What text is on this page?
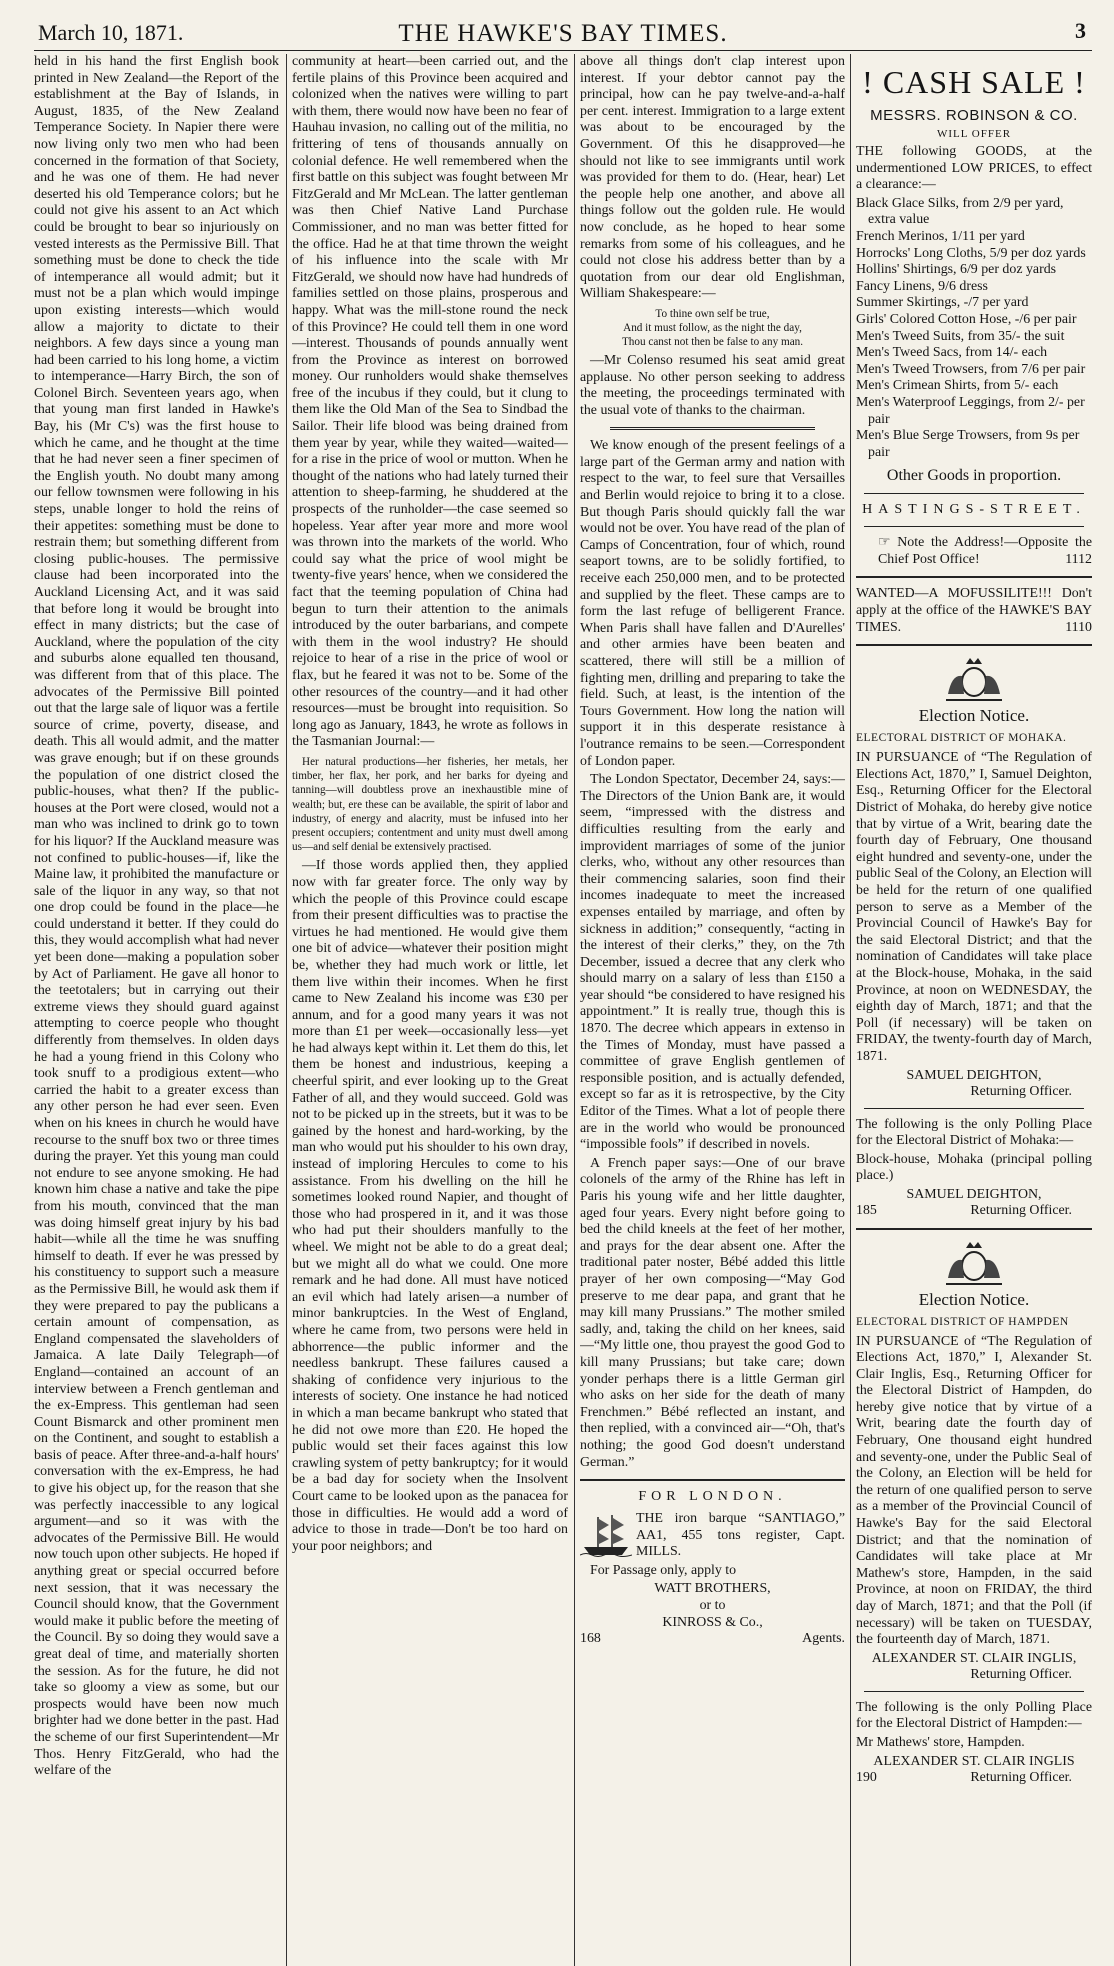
March 10, 1871.	THE HAWKE'S BAY TIMES.	3

held in his hand the first English book printed in New Zealand—the Report of the establishment at the Bay of Islands, in August, 1835, of the New Zealand Temperance Society. In Napier there were now living only two men who had been concerned in the formation of that Society, and he was one of them. He had never deserted his old Temperance colors; but he could not give his assent to an Act which could be brought to bear so injuriously on vested interests as the Permissive Bill. That something must be done to check the tide of intemperance all would admit; but it must not be a plan which would impinge upon existing interests—which would allow a majority to dictate to their neighbors. A few days since a young man had been carried to his long home, a victim to intemperance—Harry Birch, the son of Colonel Birch. Seventeen years ago, when that young man first landed in Hawke's Bay, his (Mr C's) was the first house to which he came, and he thought at the time that he had never seen a finer specimen of the English youth. No doubt many among our fellow townsmen were following in his steps, unable longer to hold the reins of their appetites: something must be done to restrain them; but something different from closing public-houses. The permissive clause had been incorporated into the Auckland Licensing Act, and it was said that before long it would be brought into effect in many districts; but the case of Auckland, where the population of the city and suburbs alone equalled ten thousand, was different from that of this place. The advocates of the Permissive Bill pointed out that the large sale of liquor was a fertile source of crime, poverty, disease, and death. This all would admit, and the matter was grave enough; but if on these grounds the population of one district closed the public-houses, what then? If the public-houses at the Port were closed, would not a man who was inclined to drink go to town for his liquor? If the Auckland measure was not confined to public-houses—if, like the Maine law, it prohibited the manufacture or sale of the liquor in any way, so that not one drop could be found in the place—he could understand it better. If they could do this, they would accomplish what had never yet been done—making a population sober by Act of Parliament. He gave all honor to the teetotalers; but in carrying out their extreme views they should guard against attempting to coerce people who thought differently from themselves. In olden days he had a young friend in this Colony who took snuff to a prodigious extent—who carried the habit to a greater excess than any other person he had ever seen. Even when on his knees in church he would have recourse to the snuff box two or three times during the prayer. Yet this young man could not endure to see anyone smoking. He had known him chase a native and take the pipe from his mouth, convinced that the man was doing himself great injury by his bad habit—while all the time he was snuffing himself to death. If ever he was pressed by his constituency to support such a measure as the Permissive Bill, he would ask them if they were prepared to pay the publicans a certain amount of compensation, as England compensated the slaveholders of Jamaica. A late Daily Telegraph—of England—contained an account of an interview between a French gentleman and the ex-Empress. This gentleman had seen Count Bismarck and other prominent men on the Continent, and sought to establish a basis of peace. After three-and-a-half hours' conversation with the ex-Empress, he had to give his object up, for the reason that she was perfectly inaccessible to any logical argument—and so it was with the advocates of the Permissive Bill. He would now touch upon other subjects. He hoped if anything great or special occurred before next session, that it was necessary the Council should know, that the Government would make it public before the meeting of the Council. By so doing they would save a great deal of time, and materially shorten the session. As for the future, he did not take so gloomy a view as some, but our prospects would have been now much brighter had we done better in the past. Had the scheme of our first Superintendent—Mr Thos. Henry FitzGerald, who had the welfare of the

community at heart—been carried out, and the fertile plains of this Province been acquired and colonized when the natives were willing to part with them, there would now have been no fear of Hauhau invasion, no calling out of the militia, no frittering of tens of thousands annually on colonial defence. He well remembered when the first battle on this subject was fought between Mr FitzGerald and Mr McLean. The latter gentleman was then Chief Native Land Purchase Commissioner, and no man was better fitted for the office. Had he at that time thrown the weight of his influence into the scale with Mr FitzGerald, we should now have had hundreds of families settled on those plains, prosperous and happy. What was the mill-stone round the neck of this Province? He could tell them in one word—interest. Thousands of pounds annually went from the Province as interest on borrowed money. Our runholders would shake themselves free of the incubus if they could, but it clung to them like the Old Man of the Sea to Sindbad the Sailor. Their life blood was being drained from them year by year, while they waited—waited—for a rise in the price of wool or mutton. When he thought of the nations who had lately turned their attention to sheep-farming, he shuddered at the prospects of the runholder—the case seemed so hopeless. Year after year more and more wool was thrown into the markets of the world. Who could say what the price of wool might be twenty-five years' hence, when we considered the fact that the teeming population of China had begun to turn their attention to the animals introduced by the outer barbarians, and compete with them in the wool industry? He should rejoice to hear of a rise in the price of wool or flax, but he feared it was not to be. Some of the other resources of the country—and it had other resources—must be brought into requisition. So long ago as January, 1843, he wrote as follows in the Tasmanian Journal:—

Her natural productions—her fisheries, her metals, her timber, her flax, her pork, and her barks for dyeing and tanning—will doubtless prove an inexhaustible mine of wealth; but, ere these can be available, the spirit of labor and industry, of energy and alacrity, must be infused into her present occupiers; contentment and unity must dwell among us—and self denial be extensively practised.

—If those words applied then, they applied now with far greater force. The only way by which the people of this Province could escape from their present difficulties was to practise the virtues he had mentioned. He would give them one bit of advice—whatever their position might be, whether they had much work or little, let them live within their incomes. When he first came to New Zealand his income was £30 per annum, and for a good many years it was not more than £1 per week—occasionally less—yet he had always kept within it. Let them do this, let them be honest and industrious, keeping a cheerful spirit, and ever looking up to the Great Father of all, and they would succeed. Gold was not to be picked up in the streets, but it was to be gained by the honest and hard-working, by the man who would put his shoulder to his own dray, instead of imploring Hercules to come to his assistance. From his dwelling on the hill he sometimes looked round Napier, and thought of those who had prospered in it, and it was those who had put their shoulders manfully to the wheel. We might not be able to do a great deal; but we might all do what we could. One more remark and he had done. All must have noticed an evil which had lately arisen—a number of minor bankruptcies. In the West of England, where he came from, two persons were held in abhorrence—the public informer and the needless bankrupt. These failures caused a shaking of confidence very injurious to the interests of society. One instance he had noticed in which a man became bankrupt who stated that he did not owe more than £20. He hoped the public would set their faces against this low crawling system of petty bankruptcy; for it would be a bad day for society when the Insolvent Court came to be looked upon as the panacea for those in difficulties. He would add a word of advice to those in trade—Don't be too hard on your poor neighbors; and

above all things don't clap interest upon interest. If your debtor cannot pay the principal, how can he pay twelve-and-a-half per cent. interest. Immigration to a large extent was about to be encouraged by the Government. Of this he disapproved—he should not like to see immigrants until work was provided for them to do. (Hear, hear) Let the people help one another, and above all things follow out the golden rule. He would now conclude, as he hoped to hear some remarks from some of his colleagues, and he could not close his address better than by a quotation from our dear old Englishman, William Shakespeare:—

To thine own self be true,
And it must follow, as the night the day,
Thou canst not then be false to any man.

—Mr Colenso resumed his seat amid great applause. No other person seeking to address the meeting, the proceedings terminated with the usual vote of thanks to the chairman.

We know enough of the present feelings of a large part of the German army and nation with respect to the war, to feel sure that Versailles and Berlin would rejoice to bring it to a close. But though Paris should quickly fall the war would not be over. You have read of the plan of Camps of Concentration, four of which, round seaport towns, are to be solidly fortified, to receive each 250,000 men, and to be protected and supplied by the fleet. These camps are to form the last refuge of belligerent France. When Paris shall have fallen and D'Aurelles' and other armies have been beaten and scattered, there will still be a million of fighting men, drilling and preparing to take the field. Such, at least, is the intention of the Tours Government. How long the nation will support it in this desperate resistance à l'outrance remains to be seen.—Correspondent of London paper.

The London Spectator, December 24, says:—The Directors of the Union Bank are, it would seem, “impressed with the distress and difficulties resulting from the early and improvident marriages of some of the junior clerks, who, without any other resources than their commencing salaries, soon find their incomes inadequate to meet the increased expenses entailed by marriage, and often by sickness in addition;” consequently, “acting in the interest of their clerks,” they, on the 7th December, issued a decree that any clerk who should marry on a salary of less than £150 a year should “be considered to have resigned his appointment.” It is really true, though this is 1870. The decree which appears in extenso in the Times of Monday, must have passed a committee of grave English gentlemen of responsible position, and is actually defended, except so far as it is retrospective, by the City Editor of the Times. What a lot of people there are in the world who would be pronounced “impossible fools” if described in novels.

A French paper says:—One of our brave colonels of the army of the Rhine has left in Paris his young wife and her little daughter, aged four years. Every night before going to bed the child kneels at the feet of her mother, and prays for the dear absent one. After the traditional pater noster, Bébé added this little prayer of her own composing—“May God preserve to me dear papa, and grant that he may kill many Prussians.” The mother smiled sadly, and, taking the child on her knees, said—“My little one, thou prayest the good God to kill many Prussians; but take care; down yonder perhaps there is a little German girl who asks on her side for the death of many Frenchmen.” Bébé reflected an instant, and then replied, with a convinced air—“Oh, that's nothing; the good God doesn't understand German.”

FOR LONDON.

THE iron barque “SANTIAGO,” AA1, 455 tons register, Capt. MILLS.

For Passage only, apply to

WATT BROTHERS,
or to
KINROSS & Co.,
168	Agents.
! CASH SALE !
MESSRS. ROBINSON & CO.
WILL OFFER

THE following GOODS, at the undermentioned LOW PRICES, to effect a clearance:—

Black Glace Silks, from 2/9 per yard, extra value
French Merinos, 1/11 per yard
Horrocks' Long Cloths, 5/9 per doz yards
Hollins' Shirtings, 6/9 per doz yards
Fancy Linens, 9/6 dress
Summer Skirtings, -/7 per yard
Girls' Colored Cotton Hose, -/6 per pair
Men's Tweed Suits, from 35/- the suit
Men's Tweed Sacs, from 14/- each
Men's Tweed Trowsers, from 7/6 per pair
Men's Crimean Shirts, from 5/- each
Men's Waterproof Leggings, from 2/- per pair
Men's Blue Serge Trowsers, from 9s per pair
Other Goods in proportion.
HASTINGS-STREET.

☞ Note the Address!—Opposite the Chief Post Office!	1112

WANTED—A MOFUSSILITE!!! Don't apply at the office of the HAWKE'S BAY TIMES.	1110

Election Notice.
ELECTORAL DISTRICT OF MOHAKA.

IN PURSUANCE of “The Regulation of Elections Act, 1870,” I, Samuel Deighton, Esq., Returning Officer for the Electoral District of Mohaka, do hereby give notice that by virtue of a Writ, bearing date the fourth day of February, One thousand eight hundred and seventy-one, under the public Seal of the Colony, an Election will be held for the return of one qualified person to serve as a Member of the Provincial Council of Hawke's Bay for the said Electoral District; and that the nomination of Candidates will take place at the Block-house, Mohaka, in the said Province, at noon on WEDNESDAY, the eighth day of March, 1871; and that the Poll (if necessary) will be taken on FRIDAY, the twenty-fourth day of March, 1871.

SAMUEL DEIGHTON,
Returning Officer.

The following is the only Polling Place for the Electoral District of Mohaka:—

Block-house, Mohaka (principal polling place.)

SAMUEL DEIGHTON,
185	Returning Officer.
Election Notice.
ELECTORAL DISTRICT OF HAMPDEN

IN PURSUANCE of “The Regulation of Elections Act, 1870,” I, Alexander St. Clair Inglis, Esq., Returning Officer for the Electoral District of Hampden, do hereby give notice that by virtue of a Writ, bearing date the fourth day of February, One thousand eight hundred and seventy-one, under the Public Seal of the Colony, an Election will be held for the return of one qualified person to serve as a member of the Provincial Council of Hawke's Bay for the said Electoral District; and that the nomination of Candidates will take place at Mr Mathew's store, Hampden, in the said Province, at noon on FRIDAY, the third day of March, 1871; and that the Poll (if necessary) will be taken on TUESDAY, the fourteenth day of March, 1871.

ALEXANDER ST. CLAIR INGLIS,
Returning Officer.

The following is the only Polling Place for the Electoral District of Hampden:—

Mr Mathews' store, Hampden.

ALEXANDER ST. CLAIR INGLIS
190	Returning Officer.
